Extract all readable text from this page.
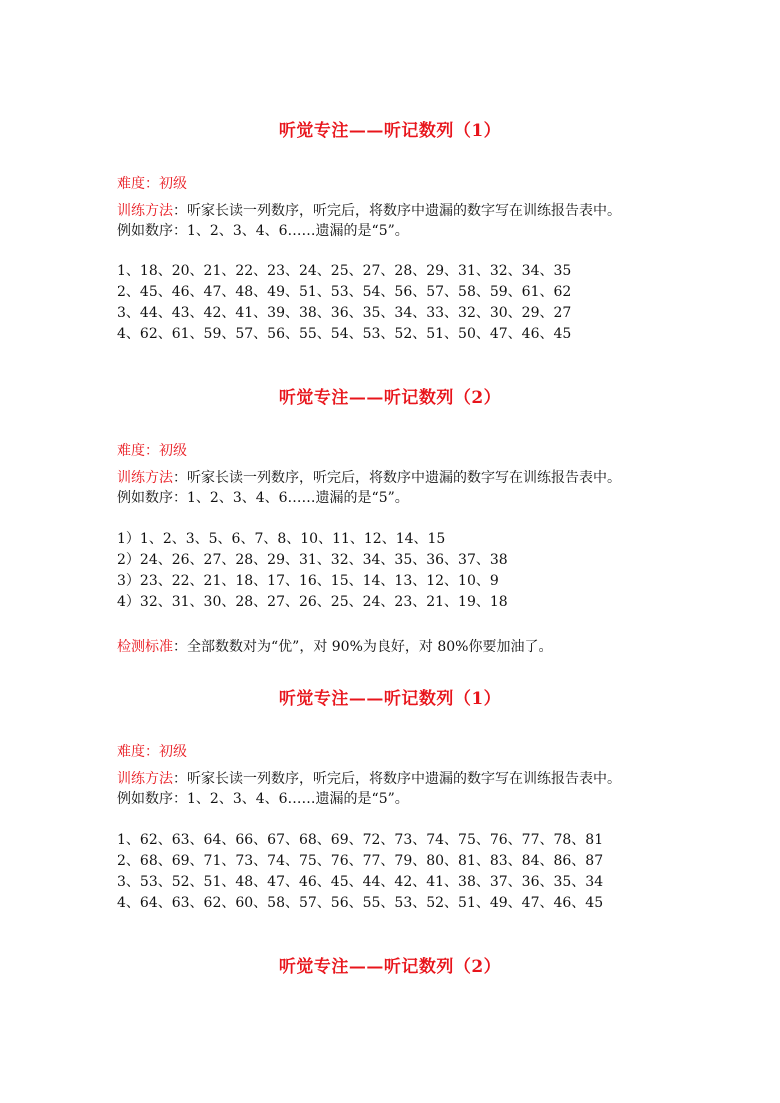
听觉专注——听记数列（1）
难度：初级
训练方法：听家长读一列数序，听完后，将数序中遗漏的数字写在训练报告表中。
例如数序：1、2、3、4、6……遗漏的是“5”。
1、18、20、21、22、23、24、25、27、28、29、31、32、34、35
2、45、46、47、48、49、51、53、54、56、57、58、59、61、62
3、44、43、42、41、39、38、36、35、34、33、32、30、29、27
4、62、61、59、57、56、55、54、53、52、51、50、47、46、45
听觉专注——听记数列（2）
难度：初级
训练方法：听家长读一列数序，听完后，将数序中遗漏的数字写在训练报告表中。
例如数序：1、2、3、4、6……遗漏的是“5”。
1）1、2、3、5、6、7、8、10、11、12、14、15
2）24、26、27、28、29、31、32、34、35、36、37、38
3）23、22、21、18、17、16、15、14、13、12、10、9
4）32、31、30、28、27、26、25、24、23、21、19、18
检测标准：全部数数对为“优”，对 90%为良好，对 80%你要加油了。
听觉专注——听记数列（1）
难度：初级
训练方法：听家长读一列数序，听完后，将数序中遗漏的数字写在训练报告表中。
例如数序：1、2、3、4、6……遗漏的是“5”。
1、62、63、64、66、67、68、69、72、73、74、75、76、77、78、81
2、68、69、71、73、74、75、76、77、79、80、81、83、84、86、87
3、53、52、51、48、47、46、45、44、42、41、38、37、36、35、34
4、64、63、62、60、58、57、56、55、53、52、51、49、47、46、45
听觉专注——听记数列（2）
